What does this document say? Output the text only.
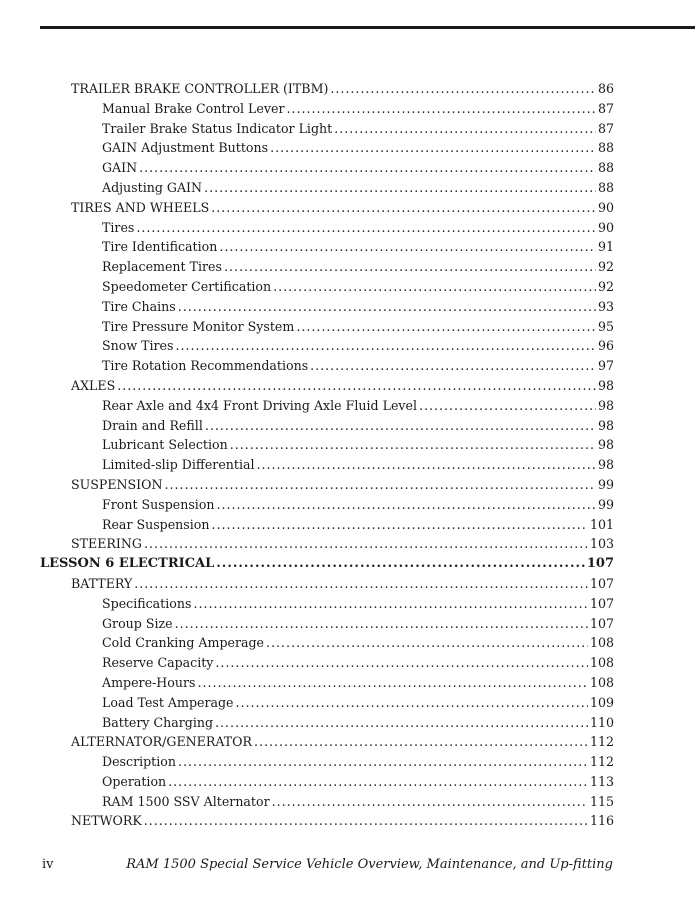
TRAILER BRAKE CONTROLLER (ITBM) .....	86
Manual Brake Control Lever .....	87
Trailer Brake Status Indicator Light .....	87
GAIN Adjustment Buttons .....	88
GAIN .....	88
Adjusting GAIN .....	88
TIRES AND WHEELS .....	90
Tires .....	90
Tire Identification .....	91
Replacement Tires .....	92
Speedometer Certification .....	92
Tire Chains .....	93
Tire Pressure Monitor System .....	95
Snow Tires .....	96
Tire Rotation Recommendations .....	97
AXLES .....	98
Rear Axle and 4x4 Front Driving Axle Fluid Level .....	98
Drain and Refill .....	98
Lubricant Selection .....	98
Limited-slip Differential .....	98
SUSPENSION .....	99
Front Suspension .....	99
Rear Suspension .....	101
STEERING .....	103
LESSON 6 ELECTRICAL .....	107
BATTERY .....	107
Specifications .....	107
Group Size .....	107
Cold Cranking Amperage .....	108
Reserve Capacity .....	108
Ampere-Hours .....	108
Load Test Amperage .....	109
Battery Charging .....	110
ALTERNATOR/GENERATOR .....	112
Description .....	112
Operation .....	113
RAM 1500 SSV Alternator .....	115
NETWORK .....	116
iv	RAM 1500 Special Service Vehicle Overview, Maintenance, and Up-fitting
